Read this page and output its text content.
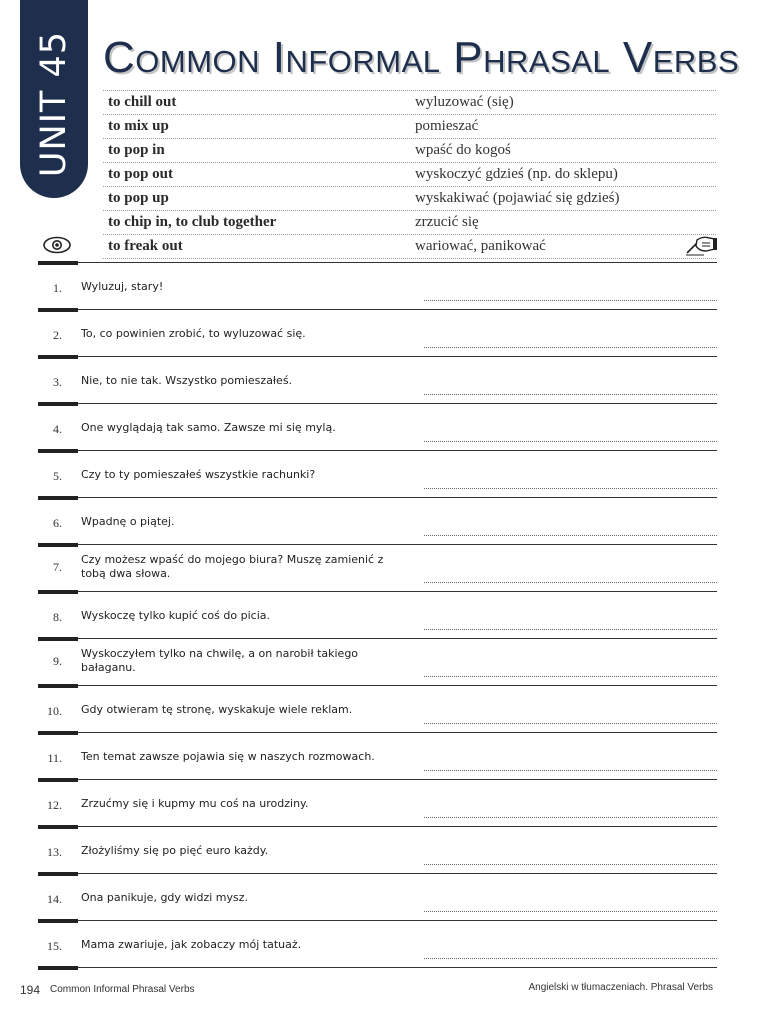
UNIT 45 Common Informal Phrasal Verbs
to chill out	wyluzować (się)
to mix up	pomieszać
to pop in	wpaść do kogoś
to pop out	wyskoczyć gdzieś (np. do sklepu)
to pop up	wyskakiwać (pojawiać się gdzieś)
to chip in, to club together	zrzucić się
to freak out	wariować, panikować
1. Wyluzuj, stary!
2. To, co powinien zrobić, to wyluzować się.
3. Nie, to nie tak. Wszystko pomieszałeś.
4. One wyglądają tak samo. Zawsze mi się mylą.
5. Czy to ty pomieszałeś wszystkie rachunki?
6. Wpadnę o piątej.
7.
Czy możesz wpaść do mojego biura? Muszę zamienić z tobą dwa słowa.
8. Wyskoczę tylko kupić coś do picia.
9.
Wyskoczyłem tylko na chwilę, a on narobił takiego bałaganu.
10. Gdy otwieram tę stronę, wyskakuje wiele reklam.
11. Ten temat zawsze pojawia się w naszych rozmowach.
12. Zrzućmy się i kupmy mu coś na urodziny.
13. Złożyliśmy się po pięć euro każdy.
14. Ona panikuje, gdy widzi mysz.
15. Mama zwariuje, jak zobaczy mój tatuaż.
194 Common Informal Phrasal Verbs	Angielski w tłumaczeniach. Phrasal Verbs
